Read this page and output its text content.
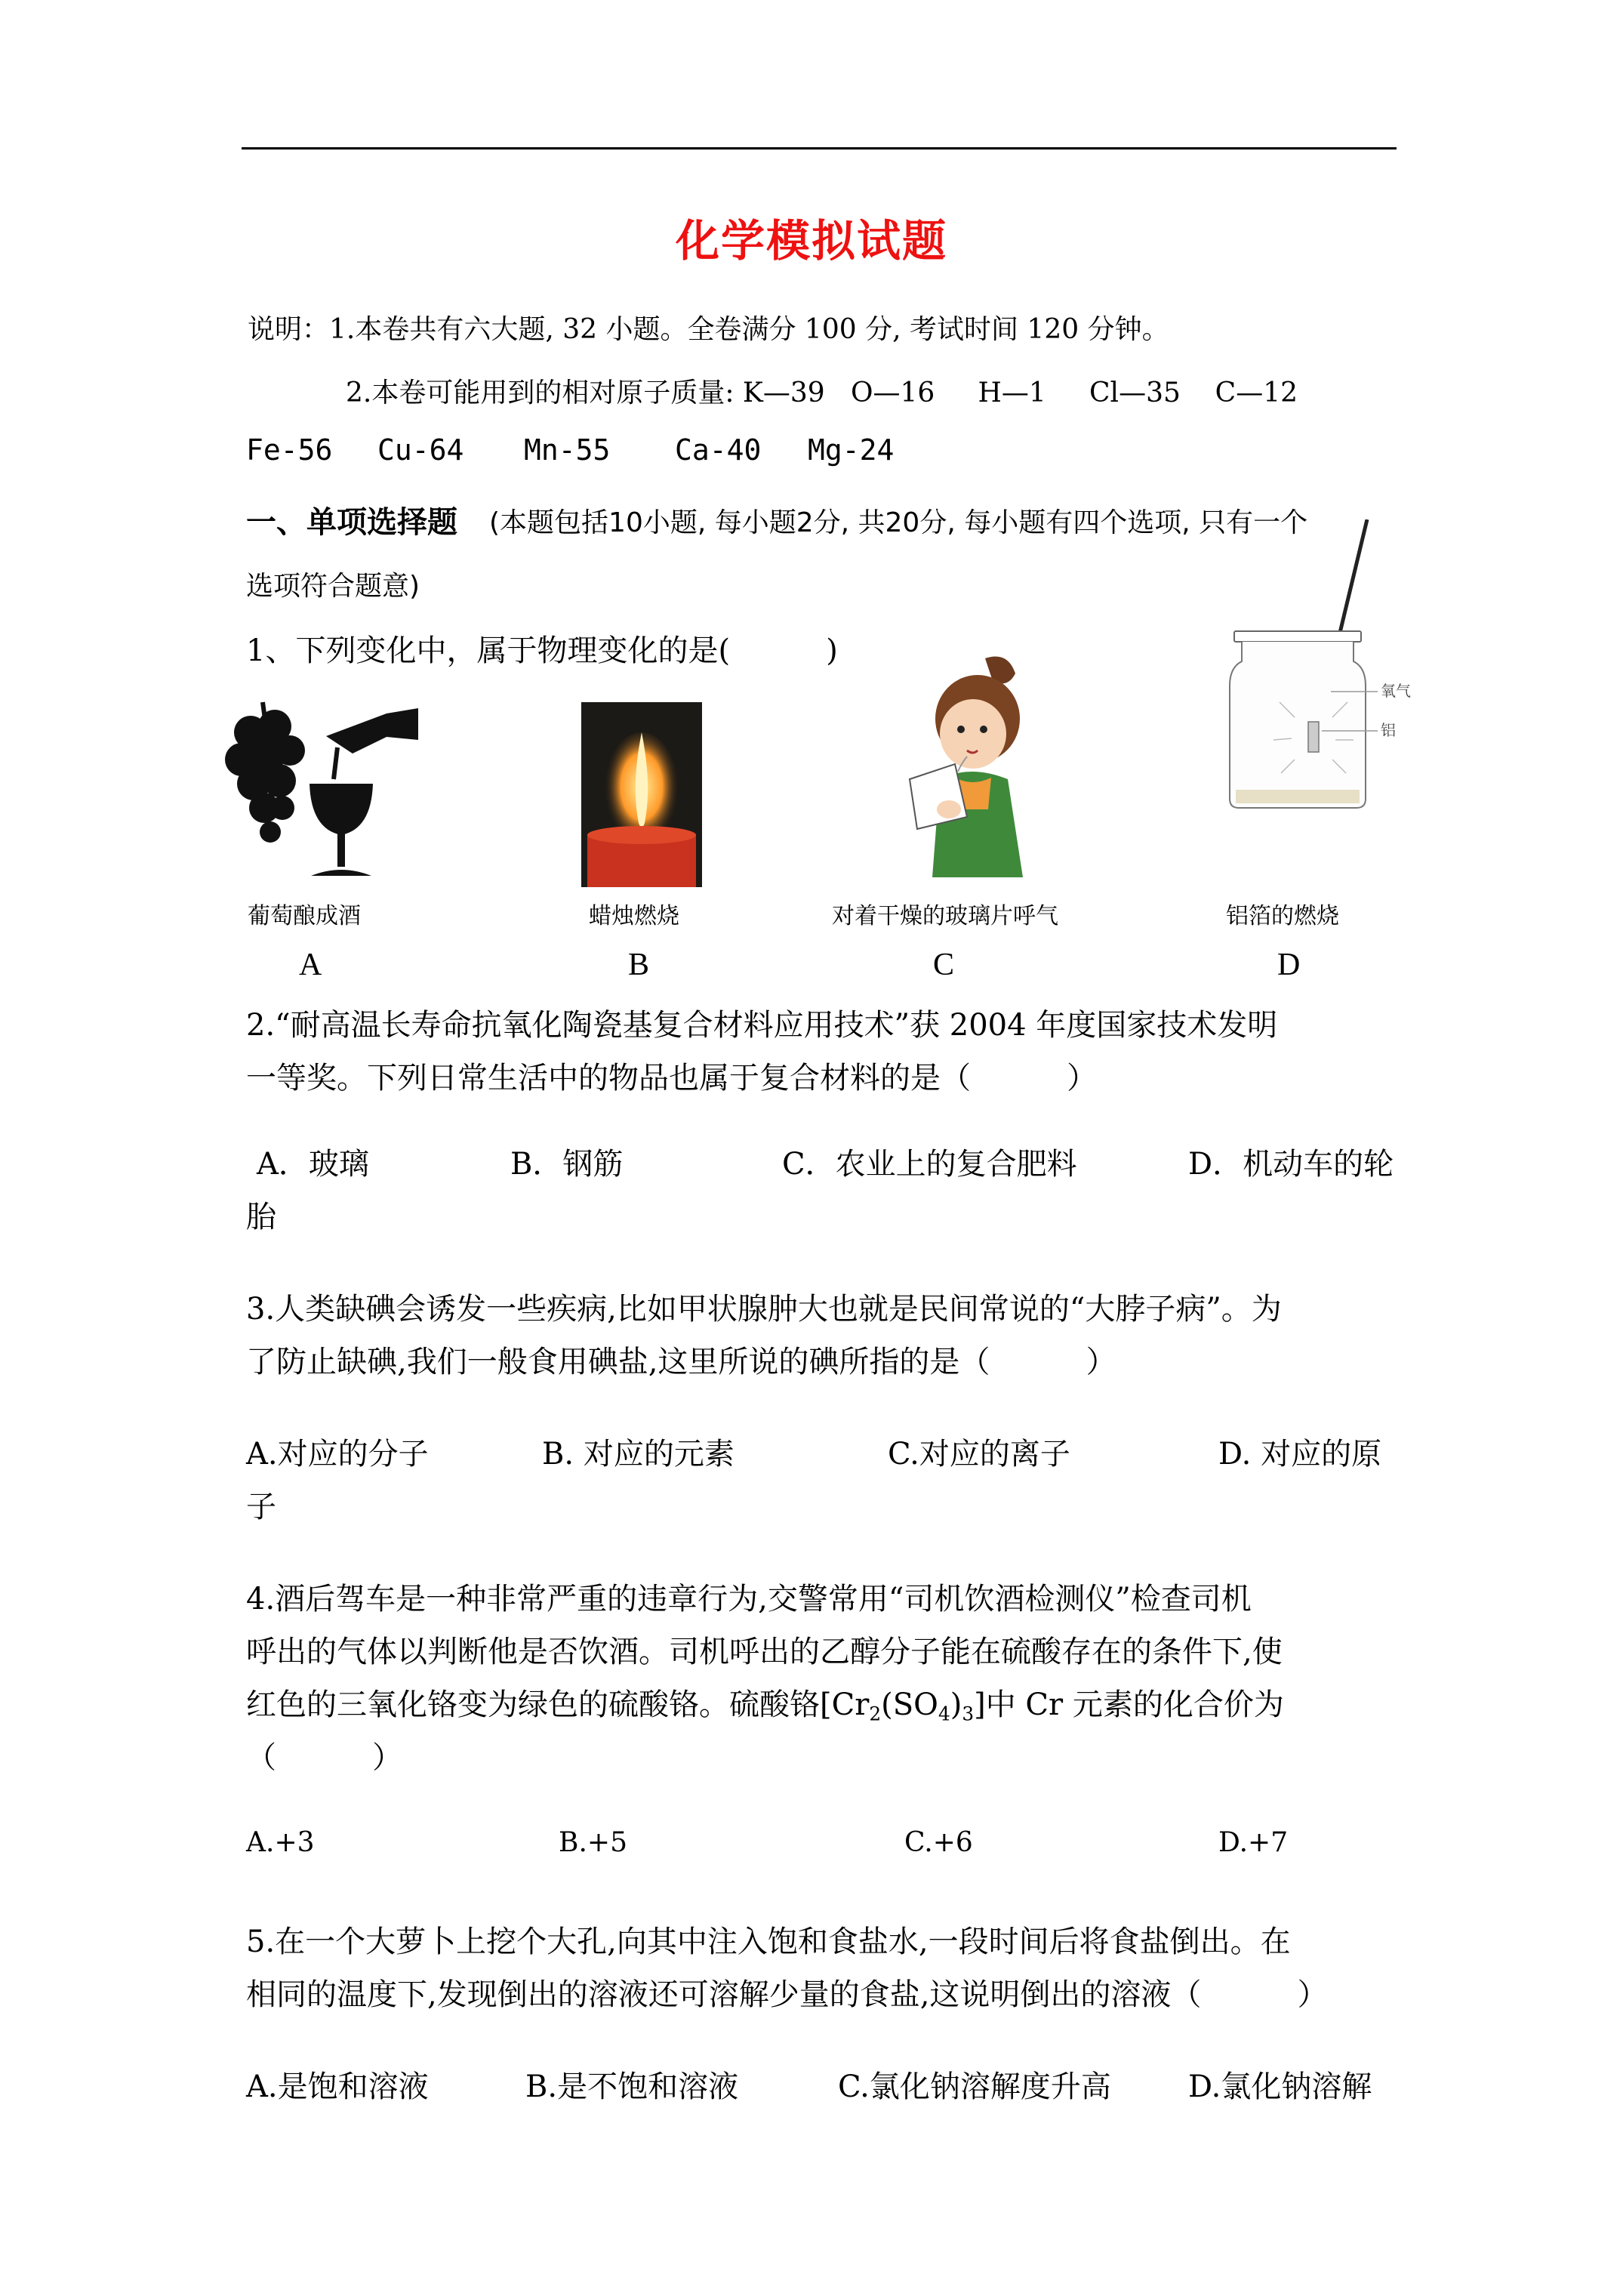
化学模拟试题
说明：1.本卷共有六大题, 32 小题。全卷满分 100 分, 考试时间 120 分钟。
2.本卷可能用到的相对原子质量: K—39   O—16     H—1     Cl—35    C—12
Fe-56 Cu-64 Mn-55 Ca-40 Mg-24
一、单项选择题 (本题包括10小题, 每小题2分, 共20分, 每小题有四个选项, 只有一个
选项符合题意)
1、下列变化中，属于物理变化的是(          )
氧气
铝
葡萄酿成酒	蜡烛燃烧	对着干燥的玻璃片呼气	铝箔的燃烧
A	B	C	D
2.“耐高温长寿命抗氧化陶瓷基复合材料应用技术”获 2004 年度国家技术发明
一等奖。下列日常生活中的物品也属于复合材料的是（          ）
A．玻璃	B．钢筋	C．农业上的复合肥料	D．机动车的轮
胎
3.人类缺碘会诱发一些疾病,比如甲状腺肿大也就是民间常说的“大脖子病”。为
了防止缺碘,我们一般食用碘盐,这里所说的碘所指的是（          ）
A.对应的分子	B. 对应的元素	C.对应的离子	D. 对应的原
子
4.酒后驾车是一种非常严重的违章行为,交警常用“司机饮酒检测仪”检查司机
呼出的气体以判断他是否饮酒。司机呼出的乙醇分子能在硫酸存在的条件下,使
红色的三氧化铬变为绿色的硫酸铬。硫酸铬$[Cr_2(SO_4)_3]$中 Cr 元素的化合价为
（          ）
A.+3	B.+5	C.+6	D.+7
5.在一个大萝卜上挖个大孔,向其中注入饱和食盐水,一段时间后将食盐倒出。在
相同的温度下,发现倒出的溶液还可溶解少量的食盐,这说明倒出的溶液（          ）
A.是饱和溶液	B.是不饱和溶液	C.氯化钠溶解度升高	D.氯化钠溶解
